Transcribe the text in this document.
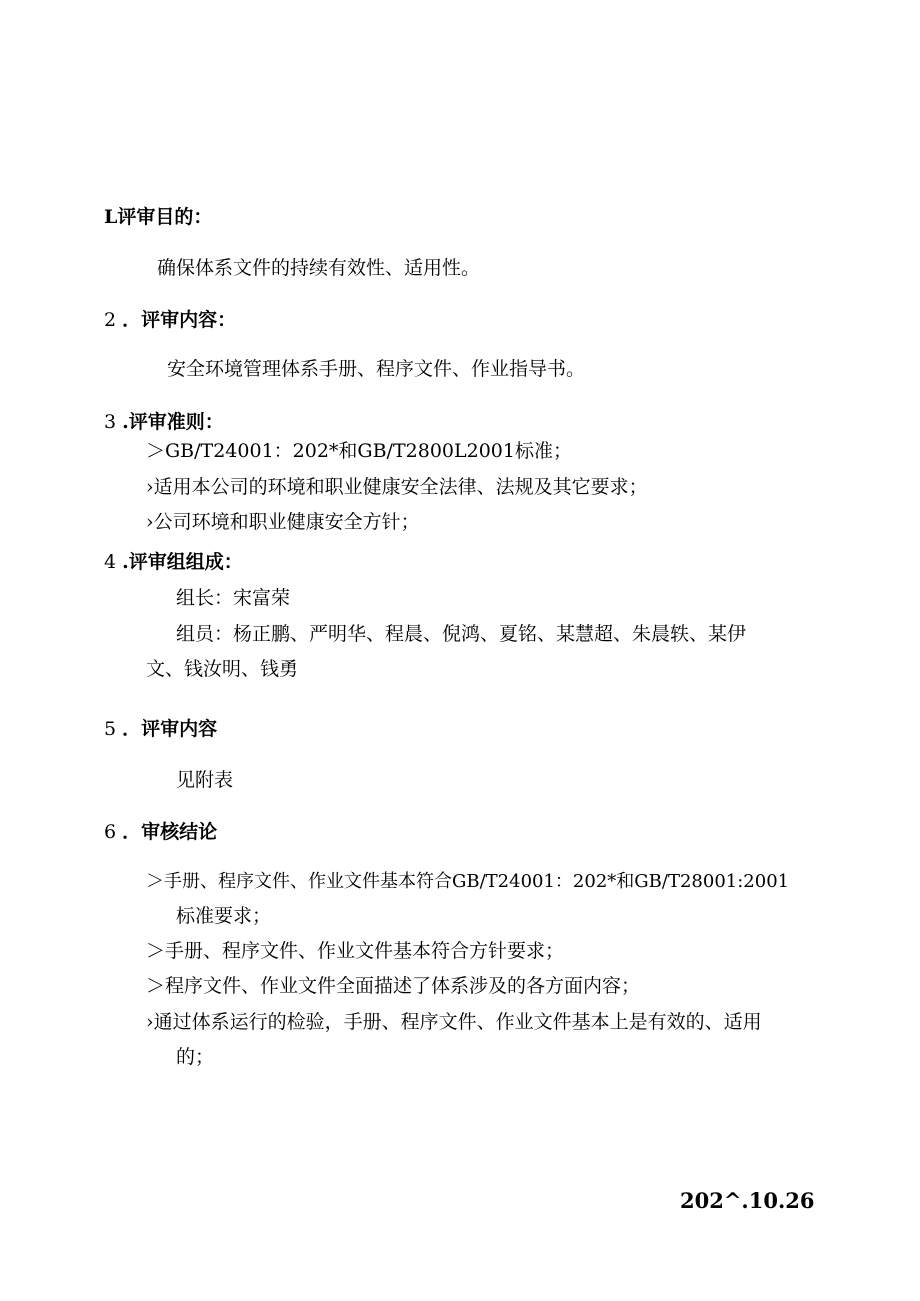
L评审目的：
确保体系文件的持续有效性、适用性。
2 ．评审内容：
安全环境管理体系手册、程序文件、作业指导书。
3 .评审准则：
＞GB/T24001：202*和GB/T2800L2001标准；
›适用本公司的环境和职业健康安全法律、法规及其它要求；
›公司环境和职业健康安全方针；
4 .评审组组成：
组长：宋富荣
组员：杨正鹏、严明华、程晨、倪鸿、夏铭、某慧超、朱晨轶、某伊
文、钱汝明、钱勇
5 ．评审内容
见附表
6 ．审核结论
＞手册、程序文件、作业文件基本符合GB/T24001：202*和GB/T28001:2001
标准要求；
＞手册、程序文件、作业文件基本符合方针要求；
＞程序文件、作业文件全面描述了体系涉及的各方面内容；
›通过体系运行的检验，手册、程序文件、作业文件基本上是有效的、适用
的；
202^.10.26
